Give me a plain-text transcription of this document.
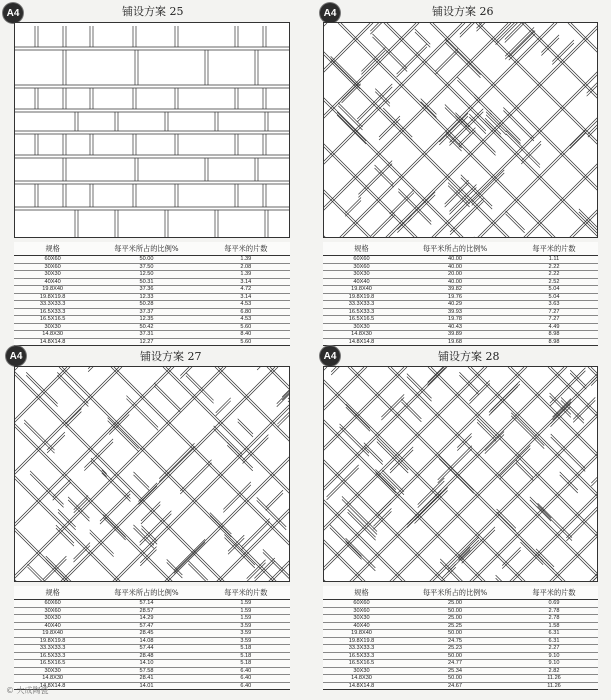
A4	铺设方案 25
规格	每平米所占的比例%	每平米的片数
60X60	50.00	1.39
30X60	37.50	2.08
30X30	12.50	1.39
40X40	50.31	3.14
19.8X40	37.36	4.72
19.8X19.8	12.33	3.14
33.3X33.3	50.28	4.53
16.5X33.3	37.37	6.80
16.5X16.5	12.35	4.53
30X30	50.42	5.60
14.8X30	37.31	8.40
14.8X14.8	12.27	5.60
A4	铺设方案 26
规格	每平米所占的比例%	每平米的片数
60X60	40.00	1.11
30X60	40.00	2.22
30X30	20.00	2.22
40X40	40.00	2.52
19.8X40	39.82	5.04
19.8X19.8	19.76	5.04
33.3X33.3	40.29	3.63
16.5X33.3	39.93	7.27
16.5X16.5	19.78	7.27
30X30	40.43	4.49
14.8X30	39.89	8.98
14.8X14.8	19.68	8.98
A4	铺设方案 27
规格	每平米所占的比例%	每平米的片数
60X60	57.14	1.59
30X60	28.57	1.59
30X30	14.29	1.59
40X40	57.47	3.59
19.8X40	28.45	3.59
19.8X19.8	14.08	3.59
33.3X33.3	57.44	5.18
16.5X33.3	28.48	5.18
16.5X16.5	14.10	5.18
30X30	57.58	6.40
14.8X30	28.41	6.40
14.8X14.8	14.01	6.40
A4	铺设方案 28
规格	每平米所占的比例%	每平米的片数
60X60	25.00	0.69
30X60	50.00	2.78
30X30	25.00	2.78
40X40	25.25	1.58
19.8X40	50.00	6.31
19.8X19.8	24.75	6.31
33.3X33.3	25.23	2.27
16.5X33.3	50.00	9.10
16.5X16.5	24.77	9.10
30X30	25.34	2.82
14.8X30	50.00	11.26
14.8X14.8	24.67	11.26
© 大成陶瓷
